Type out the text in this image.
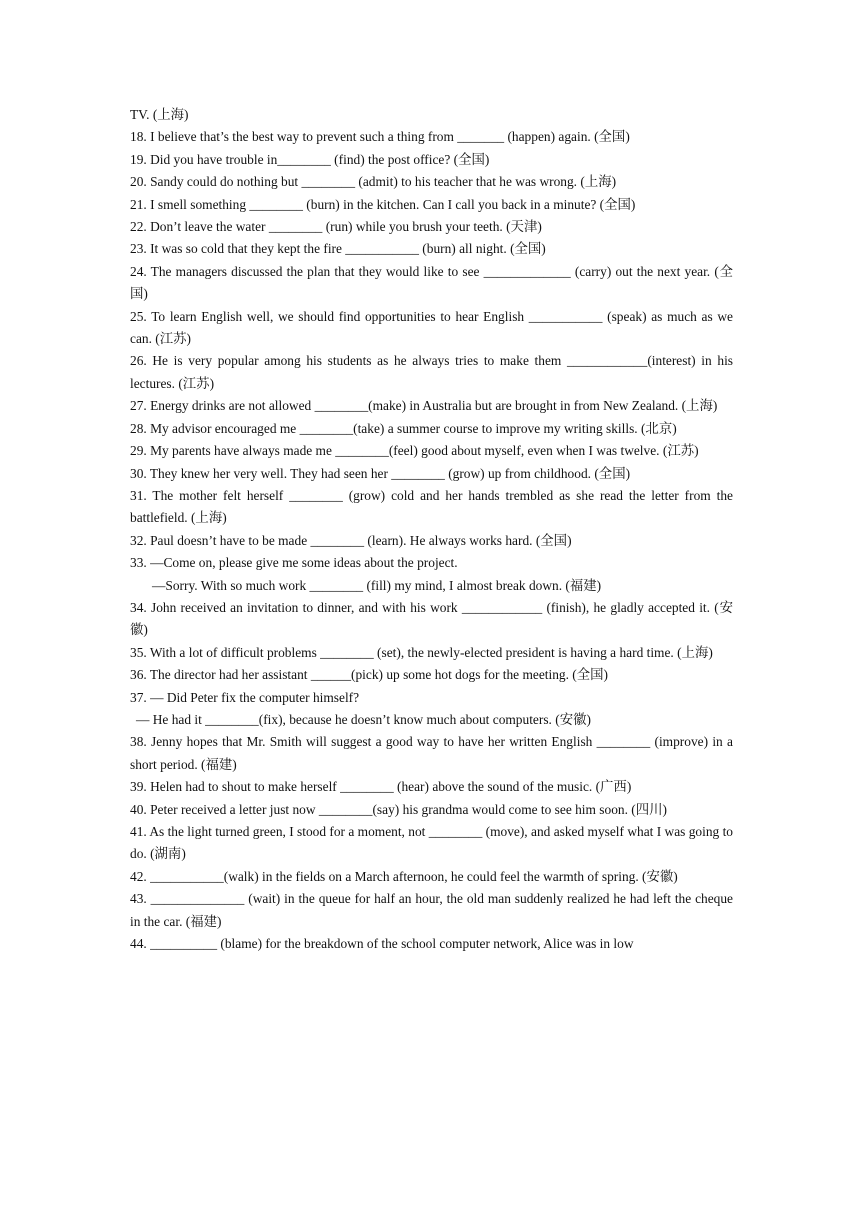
TV. (上海)

18. I believe that’s the best way to prevent such a thing from _______ (happen) again. (全国)

19. Did you have trouble in________ (find) the post office? (全国)

20. Sandy could do nothing but ________ (admit) to his teacher that he was wrong. (上海)

21. I smell something ________ (burn) in the kitchen. Can I call you back in a minute? (全国)

22. Don’t leave the water ________ (run) while you brush your teeth. (天津)

23. It was so cold that they kept the fire ___________ (burn) all night. (全国)

24. The managers discussed the plan that they would like to see _____________ (carry) out the next year. (全国)

25. To learn English well, we should find opportunities to hear English ___________ (speak) as much as we can. (江苏)

26. He is very popular among his students as he always tries to make them ____________(interest) in his lectures. (江苏)

27. Energy drinks are not allowed ________(make) in Australia but are brought in from New Zealand. (上海)

28. My advisor encouraged me ________(take) a summer course to improve my writing skills. (北京)

29. My parents have always made me ________(feel) good about myself, even when I was twelve. (江苏)

30. They knew her very well. They had seen her ________ (grow) up from childhood. (全国)

31. The mother felt herself ________ (grow) cold and her hands trembled as she read the letter from the battlefield. (上海)

32. Paul doesn’t have to be made ________ (learn). He always works hard. (全国)

33. —Come on, please give me some ideas about the project.

—Sorry. With so much work ________ (fill) my mind, I almost break down. (福建)

34. John received an invitation to dinner, and with his work ____________ (finish), he gladly accepted it. (安徽)

35. With a lot of difficult problems ________ (set), the newly-elected president is having a hard time. (上海)

36. The director had her assistant ______(pick) up some hot dogs for the meeting. (全国)

37. — Did Peter fix the computer himself?

— He had it ________(fix), because he doesn’t know much about computers. (安徽)

38. Jenny hopes that Mr. Smith will suggest a good way to have her written English ________ (improve) in a short period. (福建)

39. Helen had to shout to make herself ________ (hear) above the sound of the music. (广西)

40. Peter received a letter just now ________(say) his grandma would come to see him soon. (四川)

41. As the light turned green, I stood for a moment, not ________ (move), and asked myself what I was going to do. (湖南)

42. ___________(walk) in the fields on a March afternoon, he could feel the warmth of spring. (安徽)

43. ______________ (wait) in the queue for half an hour, the old man suddenly realized he had left the cheque in the car. (福建)

44. __________ (blame) for the breakdown of the school computer network, Alice was in low
